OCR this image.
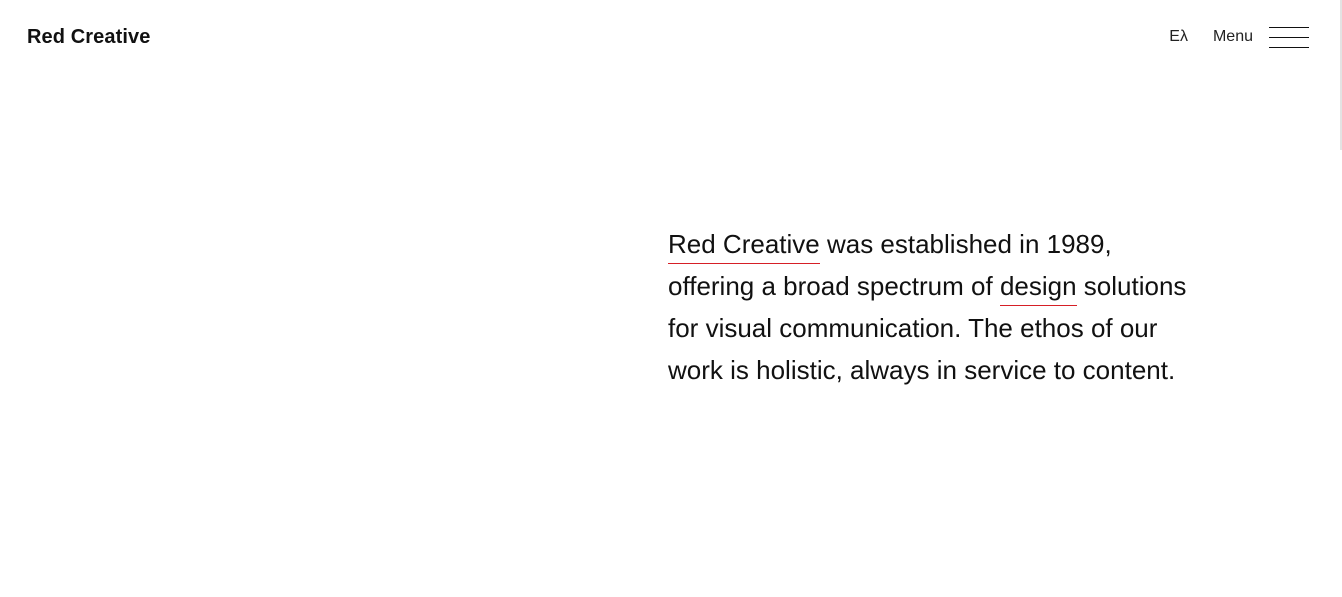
Red Creative	Eλ Menu

Red Creative was established in 1989, offering a broad spectrum of design solutions for visual communication. The ethos of our work is holistic, always in service to content.
